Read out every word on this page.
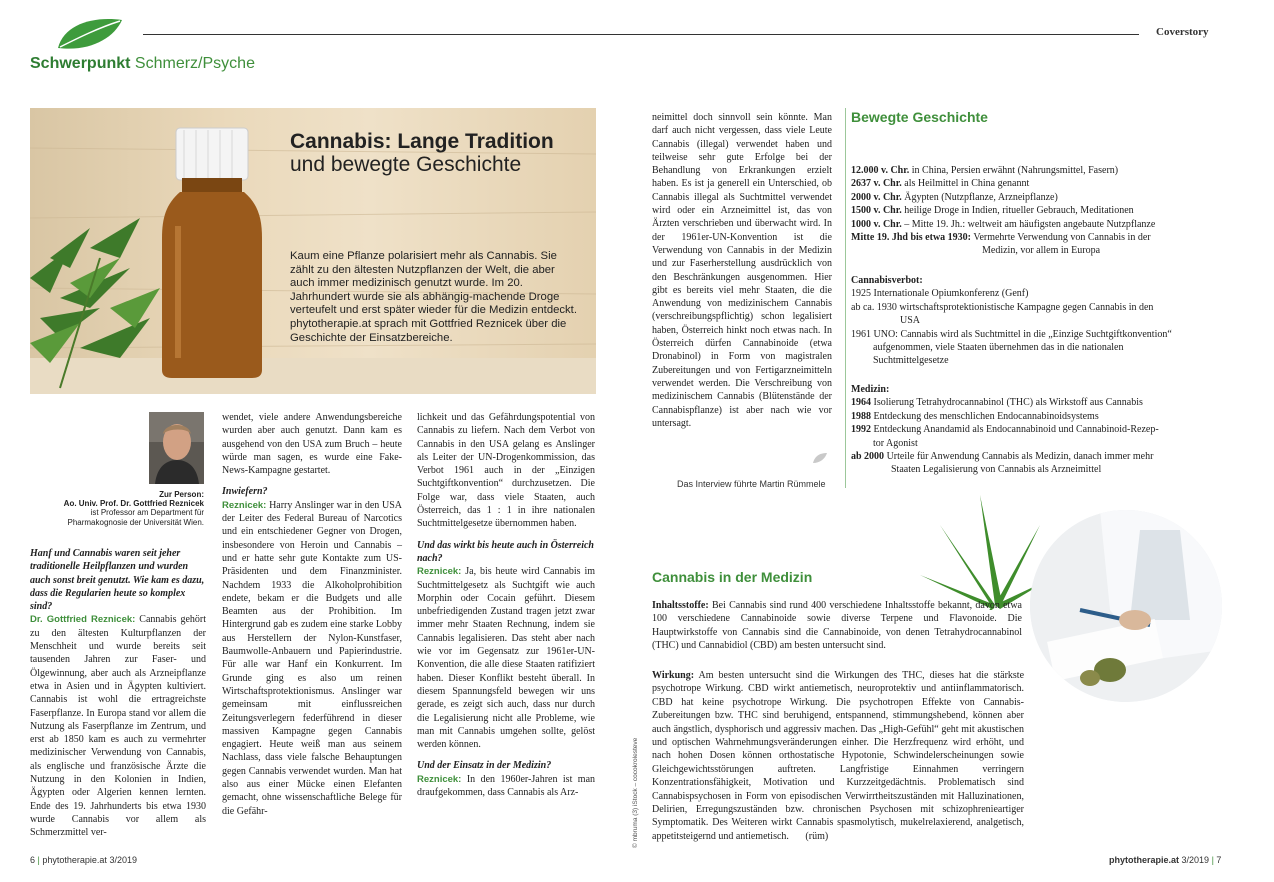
Schwerpunkt Schmerz/Psyche
Coverstory
Cannabis: Lange Tradition
und bewegte Geschichte
Kaum eine Pflanze polarisiert mehr als Cannabis. Sie zählt zu den ältesten Nutzpflanzen der Welt, die aber auch immer medizinisch genutzt wurde. Im 20. Jahrhundert wurde sie als abhängig-machende Droge verteufelt und erst später wieder für die Medizin entdeckt. phytotherapie.at sprach mit Gottfried Reznicek über die Geschichte der Einsatzbereiche.
Zur Person:
Ao. Univ. Prof. Dr. Gottfried Reznicek
ist Professor am Department für Pharmakognosie der Universität Wien.

Hanf und Cannabis waren seit jeher traditionelle Heilpflanzen und wurden auch sonst breit genutzt. Wie kam es dazu, dass die Regularien heute so komplex sind?

Dr. Gottfried Reznicek: Cannabis gehört zu den ältesten Kulturpflanzen der Menschheit und wurde bereits seit tausenden Jahren zur Faser- und Ölgewinnung, aber auch als Arzneipflanze etwa in Asien und in Ägypten kultiviert. Cannabis ist wohl die ertragreichste Faserpflanze. In Europa stand vor allem die Nutzung als Faserpflanze im Zentrum, und erst ab 1850 kam es auch zu vermehrter medizinischer Verwendung von Cannabis, als englische und französische Ärzte die Nutzung in den Kolonien in Indien, Ägypten oder Algerien kennen lernten. Ende des 19. Jahrhunderts bis etwa 1930 wurde Cannabis vor allem als Schmerzmittel ver-

wendet, viele andere Anwendungsbereiche wurden aber auch genutzt. Dann kam es ausgehend von den USA zum Bruch – heute würde man sagen, es wurde eine Fake-News-Kampagne gestartet.

Inwiefern?

Reznicek: Harry Anslinger war in den USA der Leiter des Federal Bureau of Narcotics und ein entschiedener Gegner von Drogen, insbesondere von Heroin und Cannabis – und er hatte sehr gute Kontakte zum US-Präsidenten und dem Finanzminister. Nachdem 1933 die Alkoholprohibition endete, bekam er die Budgets und alle Beamten aus der Prohibition. Im Hintergrund gab es zudem eine starke Lobby aus Herstellern der Nylon-Kunstfaser, Baumwolle-Anbauern und Papierindustrie. Für alle war Hanf ein Konkurrent. Im Grunde ging es also um reinen Wirtschaftsprotektionismus. Anslinger war gemeinsam mit einflussreichen Zeitungsverlegern federführend in dieser massiven Kampagne gegen Cannabis engagiert. Heute weiß man aus seinem Nachlass, dass viele falsche Behauptungen gegen Cannabis verwendet wurden. Man hat also aus einer Mücke einen Elefanten gemacht, ohne wissenschaftliche Belege für die Gefähr-

lichkeit und das Gefährdungspotential von Cannabis zu liefern. Nach dem Verbot von Cannabis in den USA gelang es Anslinger als Leiter der UN-Drogenkommission, das Verbot 1961 auch in der „Einzigen Suchtgiftkonvention“ durchzusetzen. Die Folge war, dass viele Staaten, auch Österreich, das 1 : 1 in ihre nationalen Suchtmittelgesetze übernommen haben.

Und das wirkt bis heute auch in Österreich nach?

Reznicek: Ja, bis heute wird Cannabis im Suchtmittelgesetz als Suchtgift wie auch Morphin oder Cocain geführt. Diesem unbefriedigenden Zustand tragen jetzt zwar immer mehr Staaten Rechnung, indem sie Cannabis legalisieren. Das steht aber nach wie vor im Gegensatz zur 1961er-UN-Konvention, die alle diese Staaten ratifiziert haben. Dieser Konflikt besteht überall. In diesem Spannungsfeld bewegen wir uns gerade, es zeigt sich auch, dass nur durch die Legalisierung nicht alle Probleme, wie man mit Cannabis umgehen sollte, gelöst werden können.

Und der Einsatz in der Medizin?

Reznicek: In den 1960er-Jahren ist man draufgekommen, dass Cannabis als Arz-

neimittel doch sinnvoll sein könnte. Man darf auch nicht vergessen, dass viele Leute Cannabis (illegal) verwendet haben und teilweise sehr gute Erfolge bei der Behandlung von Erkrankungen erzielt haben. Es ist ja generell ein Unterschied, ob Cannabis illegal als Suchtmittel verwendet wird oder ein Arzneimittel ist, das von Ärzten verschrieben und überwacht wird. In der 1961er-UN-Konvention ist die Verwendung von Cannabis in der Medizin und zur Faserherstellung ausdrücklich von den Beschränkungen ausgenommen. Hier gibt es bereits viel mehr Staaten, die die Anwendung von medizinischem Cannabis (verschreibungspflichtig) schon legalisiert haben, Österreich hinkt noch etwas nach. In Österreich dürfen Cannabinoide (etwa Dronabinol) in Form von magistralen Zubereitungen und von Fertigarzneimitteln verwendet werden. Die Verschreibung von medizinischem Cannabis (Blütenstände der Cannabispflanze) ist aber nach wie vor untersagt.

Das Interview führte Martin Rümmele
Bewegte Geschichte
12.000 v. Chr. in China, Persien erwähnt (Nahrungsmittel, Fasern)
2637 v. Chr. als Heilmittel in China genannt
2000 v. Chr. Ägypten (Nutzpflanze, Arzneipflanze)
1500 v. Chr. heilige Droge in Indien, ritueller Gebrauch, Meditationen
1000 v. Chr. – Mitte 19. Jh.: weltweit am häufigsten angebaute Nutzpflanze
Mitte 19. Jhd bis etwa 1930: Vermehrte Verwendung von Cannabis in der
Medizin, vor allem in Europa
Cannabisverbot:
1925 Internationale Opiumkonferenz (Genf)
ab ca. 1930 wirtschaftsprotektionistische Kampagne gegen Cannabis in den
USA
1961 UNO: Cannabis wird als Suchtmittel in die „Einzige Suchtgiftkonvention“
aufgenommen, viele Staaten übernehmen das in die nationalen
Suchtmittelgesetze
Medizin:
1964 Isolierung Tetrahydrocannabinol (THC) als Wirkstoff aus Cannabis
1988 Entdeckung des menschlichen Endocannabinoidsystems
1992 Entdeckung Anandamid als Endocannabinoid und Cannabinoid-Rezep-
tor Agonist
ab 2000 Urteile für Anwendung Cannabis als Medizin, danach immer mehr
Staaten Legalisierung von Cannabis als Arzneimittel
Cannabis in der Medizin
Inhaltsstoffe: Bei Cannabis sind rund 400 verschiedene Inhaltsstoffe bekannt, davon etwa 100 verschiedene Cannabinoide sowie diverse Terpene und Flavonoide. Die Hauptwirkstoffe von Cannabis sind die Cannabinoide, von denen Tetrahydrocannabinol (THC) und Cannabidiol (CBD) am besten untersucht sind.
Wirkung: Am besten untersucht sind die Wirkungen des THC, dieses hat die stärkste psychotrope Wirkung. CBD wirkt antiemetisch, neuroprotektiv und antiinflammatorisch. CBD hat keine psychotrope Wirkung. Die psychotropen Effekte von Cannabis-Zubereitungen bzw. THC sind beruhigend, entspannend, stimmungshebend, können aber auch ängstlich, dysphorisch und aggressiv machen. Das „High-Gefühl“ geht mit akustischen und optischen Wahrnehmungsveränderungen einher. Die Herzfrequenz wird erhöht, und nach hohen Dosen können orthostatische Hypotonie, Schwindelerscheinungen sowie Gleichgewichtsstörungen auftreten. Langfristige Einnahmen verringern Konzentrationsfähigkeit, Motivation und Kurzzeitgedächtnis. Problematisch sind Cannabispsychosen in Form von episodischen Verwirrtheitszuständen mit Halluzinationen, Delirien, Erregungszuständen bzw. chronischen Psychosen mit schizophrenieartiger Symptomatik. Des Weiteren wirkt Cannabis spasmolytisch, mukelrelaxierend, analgetisch, appetitsteigernd und antiemetisch. (rüm)
© mbruma (3) iStock – cocokrolesteve
6 | phytotherapie.at 3/2019	phytotherapie.at 3/2019 | 7
